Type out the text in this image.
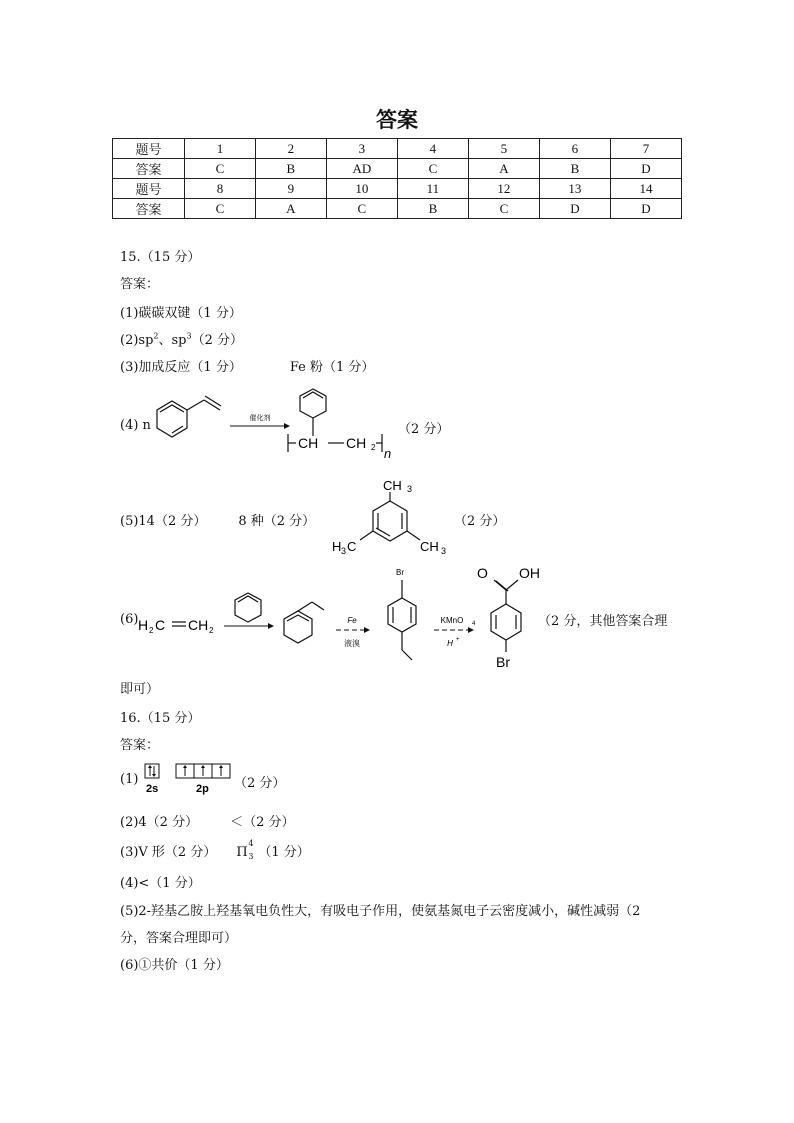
答案
题号	1	2	3	4	5	6	7
答案	C	B	AD	C	A	B	D
题号	8	9	10	11	12	13	14
答案	C	A	C	B	C	D	D
15.（15 分）
答案：
(1)碳碳双键（1 分）
$(2)sp^2$、$sp^3(2$ 分）
(3)加成反应（1 分）	Fe 粉（1 分）
(4) n	催化剂
CH CH 2 n
（2 分）
(5)14（2 分） 8 种（2 分）
CH 3
H 3 C	CH 3
（2 分）
(6) H 2 C CH 2
Fe
液溴
Br
KMnO 4
H +
O OH
Br
（2 分，其他答案合理
即可）
16.（15 分）
答案：
(1)
2s	2p （2 分）
(2)4（2 分） ＜（2 分）
(3)V 形（2 分） Π
4
3 （1 分）
(4)<（1 分）
(5)2-羟基乙胺上羟基氧电负性大，有吸电子作用，使氨基氮电子云密度减小，碱性减弱（2
分，答案合理即可）
(6)①共价（1 分）
